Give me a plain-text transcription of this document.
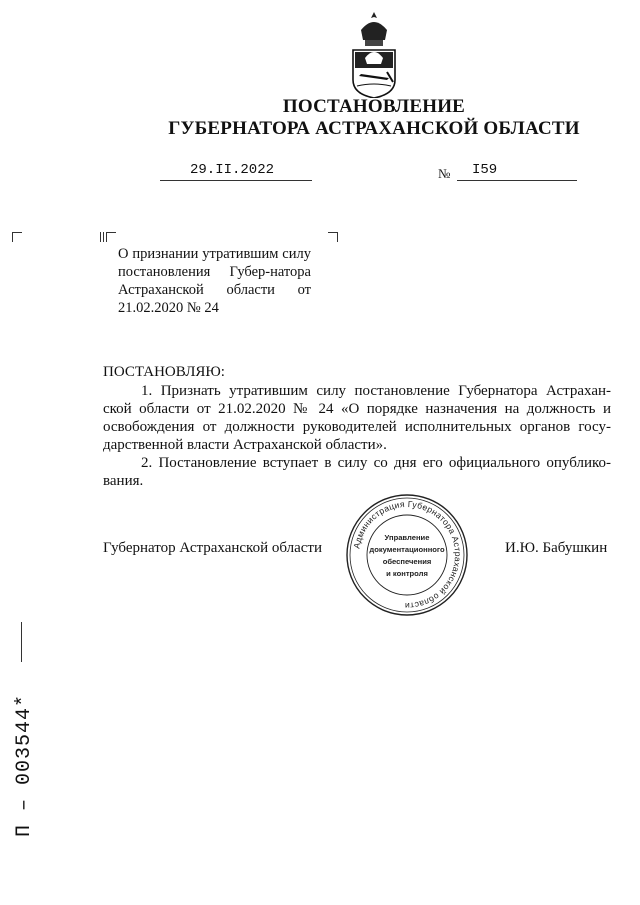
ПОСТАНОВЛЕНИЕ
ГУБЕРНАТОРА АСТРАХАНСКОЙ ОБЛАСТИ
29.II.2022	№ I59
О признании утратившим силу постановления Губер-натора Астраханской области от 21.02.2020 № 24
ПОСТАНОВЛЯЮ:
1. Признать утратившим силу постановление Губернатора Астрахан-ской области от 21.02.2020 № 24 «О порядке назначения на должность и освобождения от должности руководителей исполнительных органов госу-дарственной власти Астраханской области».
2. Постановление вступает в силу со дня его официального опублико-вания.
Губернатор Астраханской области	И.Ю. Бабушкин
Администрация Губернатора Астраханской области
Управление
документационного
обеспечения
и контроля
П – 003544*
